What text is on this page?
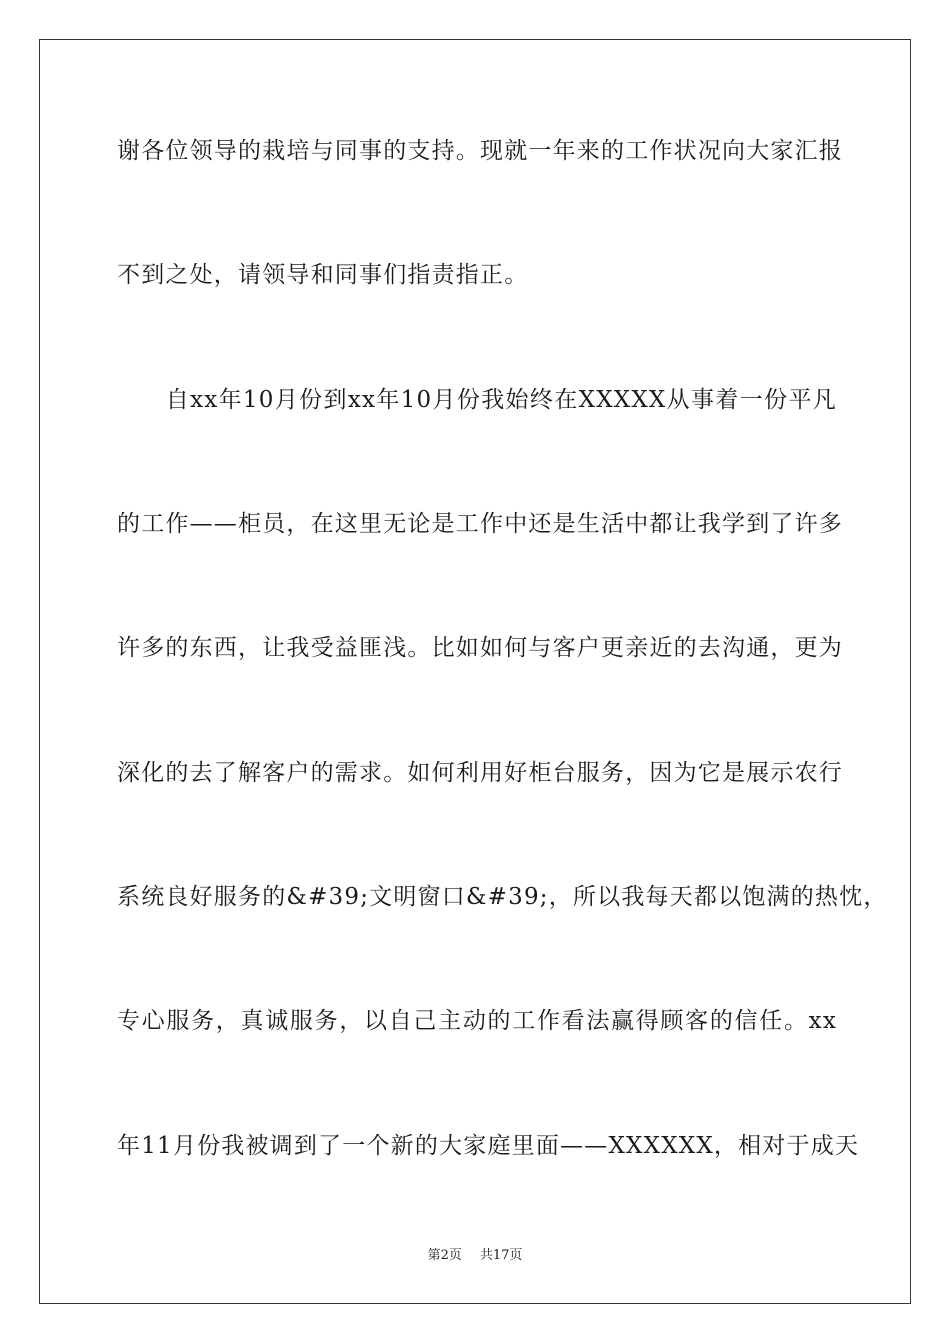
谢各位领导的栽培与同事的支持。现就一年来的工作状况向大家汇报
不到之处，请领导和同事们指责指正。
　　自xx年10月份到xx年10月份我始终在XXXXX从事着一份平凡
的工作——柜员，在这里无论是工作中还是生活中都让我学到了许多
许多的东西，让我受益匪浅。比如如何与客户更亲近的去沟通，更为
深化的去了解客户的需求。如何利用好柜台服务，因为它是展示农行
系统良好服务的&#39;文明窗口&#39;，所以我每天都以饱满的热忱，
专心服务，真诚服务，以自己主动的工作看法赢得顾客的信任。xx
年11月份我被调到了一个新的大家庭里面——XXXXXX，相对于成天
第2页 共17页
